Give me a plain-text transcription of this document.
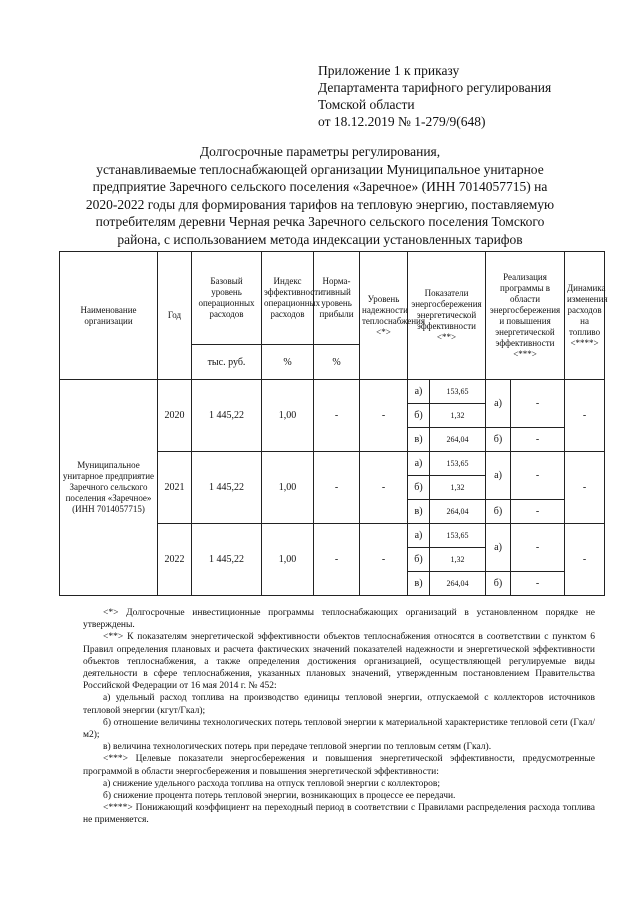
Приложение 1 к приказу
Департамента тарифного регулирования
Томской области
от 18.12.2019 № 1-279/9(648)
Долгосрочные параметры регулирования,
устанавливаемые теплоснабжающей организации Муниципальное унитарное
предприятие Заречного сельского поселения «Заречное» (ИНН 7014057715) на
2020-2022 годы для формирования тарифов на тепловую энергию, поставляемую
потребителям деревни Черная речка Заречного сельского поселения Томского
района, с использованием метода индексации установленных тарифов
Наименование организации	Год	Базовый уровень операционных расходов	Индекс эффективности операционных расходов	Норма-тивный уровень прибыли	Уровень надежности теплоснабжения <*>	Показатели энергосбережения энергетической эффективности <**>		Реализация программы в области энергосбережения и повышения энергетической эффективности <***>		Динамика изменения расходов на топливо <****>
		тыс. руб.	%	%						
Муниципальное унитарное предприятие Заречного сельского поселения «Заречное» (ИНН 7014057715)	2020	1 445,22	1,00	-	-	а)	153,65	а)	-	-
						б)	1,32			
						в)	264,04	б)	-	
	2021	1 445,22	1,00	-	-	а)	153,65	а)	-	-
						б)	1,32			
						в)	264,04	б)	-	
	2022	1 445,22	1,00	-	-	а)	153,65	а)	-	-
						б)	1,32			
						в)	264,04	б)	-	

<*> Долгосрочные инвестиционные программы теплоснабжающих организаций в установленном порядке не утверждены.

<**> К показателям энергетической эффективности объектов теплоснабжения относятся в соответствии с пунктом 6 Правил определения плановых и расчета фактических значений показателей надежности и энергетической эффективности объектов теплоснабжения, а также определения достижения организацией, осуществляющей регулируемые виды деятельности в сфере теплоснабжения, указанных плановых значений, утвержденным постановлением Правительства Российской Федерации от 16 мая 2014 г. № 452:

а) удельный расход топлива на производство единицы тепловой энергии, отпускаемой с коллекторов источников тепловой энергии (кгут/Гкал);

б) отношение величины технологических потерь тепловой энергии к материальной характеристике тепловой сети (Гкал/м2);

в) величина технологических потерь при передаче тепловой энергии по тепловым сетям (Гкал).

<***> Целевые показатели энергосбережения и повышения энергетической эффективности, предусмотренные программой в области энергосбережения и повышения энергетической эффективности:

а) снижение удельного расхода топлива на отпуск тепловой энергии с коллекторов;

б) снижение процента потерь тепловой энергии, возникающих в процессе ее передачи.

<****> Понижающий коэффициент на переходный период в соответствии с Правилами распределения расхода топлива не применяется.
